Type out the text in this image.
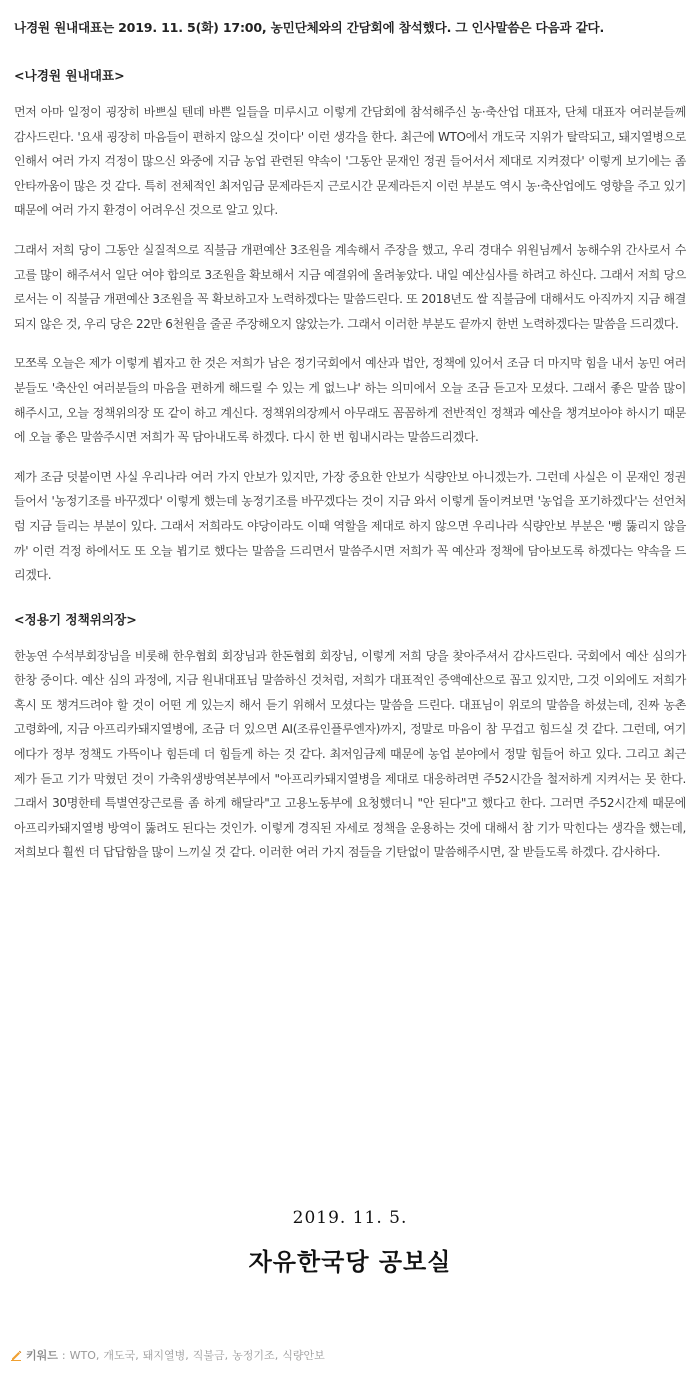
나경원 원내대표는 2019. 11. 5(화) 17:00, 농민단체와의 간담회에 참석했다. 그 인사말씀은 다음과 같다.

<나경원 원내대표>

먼저 아마 일정이 굉장히 바쁘실 텐데 바쁜 일들을 미루시고 이렇게 간담회에 참석해주신 농·축산업 대표자, 단체 대표자 여러분들께 감사드린다. '요새 굉장히 마음들이 편하지 않으실 것이다' 이런 생각을 한다. 최근에 WTO에서 개도국 지위가 탈락되고, 돼지열병으로 인해서 여러 가지 걱정이 많으신 와중에 지금 농업 관련된 약속이 '그동안 문재인 정권 들어서서 제대로 지켜졌다' 이렇게 보기에는 좀 안타까움이 많은 것 같다. 특히 전체적인 최저임금 문제라든지 근로시간 문제라든지 이런 부분도 역시 농·축산업에도 영향을 주고 있기 때문에 여러 가지 환경이 어려우신 것으로 알고 있다.

그래서 저희 당이 그동안 실질적으로 직불금 개편예산 3조원을 계속해서 주장을 했고, 우리 경대수 위원님께서 농해수위 간사로서 수고를 많이 해주셔서 일단 여야 합의로 3조원을 확보해서 지금 예결위에 올려놓았다. 내일 예산심사를 하려고 하신다. 그래서 저희 당으로서는 이 직불금 개편예산 3조원을 꼭 확보하고자 노력하겠다는 말씀드린다. 또 2018년도 쌀 직불금에 대해서도 아직까지 지금 해결되지 않은 것, 우리 당은 22만 6천원을 줄곧 주장해오지 않았는가. 그래서 이러한 부분도 끝까지 한번 노력하겠다는 말씀을 드리겠다.

모쪼록 오늘은 제가 이렇게 뵙자고 한 것은 저희가 남은 정기국회에서 예산과 법안, 정책에 있어서 조금 더 마지막 힘을 내서 농민 여러분들도 '축산인 여러분들의 마음을 편하게 해드릴 수 있는 게 없느냐' 하는 의미에서 오늘 조금 듣고자 모셨다. 그래서 좋은 말씀 많이 해주시고, 오늘 정책위의장 또 같이 하고 계신다. 정책위의장께서 아무래도 꼼꼼하게 전반적인 정책과 예산을 챙겨보아야 하시기 때문에 오늘 좋은 말씀주시면 저희가 꼭 담아내도록 하겠다. 다시 한 번 힘내시라는 말씀드리겠다.

제가 조금 덧붙이면 사실 우리나라 여러 가지 안보가 있지만, 가장 중요한 안보가 식량안보 아니겠는가. 그런데 사실은 이 문재인 정권 들어서 '농정기조를 바꾸겠다' 이렇게 했는데 농정기조를 바꾸겠다는 것이 지금 와서 이렇게 돌이켜보면 '농업을 포기하겠다'는 선언처럼 지금 들리는 부분이 있다. 그래서 저희라도 야당이라도 이때 역할을 제대로 하지 않으면 우리나라 식량안보 부분은 '뻥 뚫리지 않을까' 이런 걱정 하에서도 또 오늘 뵙기로 했다는 말씀을 드리면서 말씀주시면 저희가 꼭 예산과 정책에 담아보도록 하겠다는 약속을 드리겠다.

<정용기 정책위의장>

한농연 수석부회장님을 비롯해 한우협회 회장님과 한돈협회 회장님, 이렇게 저희 당을 찾아주셔서 감사드린다. 국회에서 예산 심의가 한창 중이다. 예산 심의 과정에, 지금 원내대표님 말씀하신 것처럼, 저희가 대표적인 증액예산으로 꼽고 있지만, 그것 이외에도 저희가 혹시 또 챙겨드려야 할 것이 어떤 게 있는지 해서 듣기 위해서 모셨다는 말씀을 드린다. 대표님이 위로의 말씀을 하셨는데, 진짜 농촌 고령화에, 지금 아프리카돼지열병에, 조금 더 있으면 AI(조류인플루엔자)까지, 정말로 마음이 참 무겁고 힘드실 것 같다. 그런데, 여기에다가 정부 정책도 가뜩이나 힘든데 더 힘들게 하는 것 같다. 최저임금제 때문에 농업 분야에서 정말 힘들어 하고 있다. 그리고 최근 제가 듣고 기가 막혔던 것이 가축위생방역본부에서 "아프리카돼지열병을 제대로 대응하려면 주52시간을 철저하게 지켜서는 못 한다. 그래서 30명한테 특별연장근로를 좀 하게 해달라"고 고용노동부에 요청했더니 "안 된다"고 했다고 한다. 그러면 주52시간제 때문에 아프리카돼지열병 방역이 뚫려도 된다는 것인가. 이렇게 경직된 자세로 정책을 운용하는 것에 대해서 참 기가 막힌다는 생각을 했는데, 저희보다 훨씬 더 답답함을 많이 느끼실 것 같다. 이러한 여러 가지 점들을 기탄없이 말씀해주시면, 잘 받들도록 하겠다. 감사하다.

2019. 11. 5.
자유한국당 공보실
키워드 : WTO , 개도국 , 돼지열병 , 직불금 , 농정기조 , 식량안보
